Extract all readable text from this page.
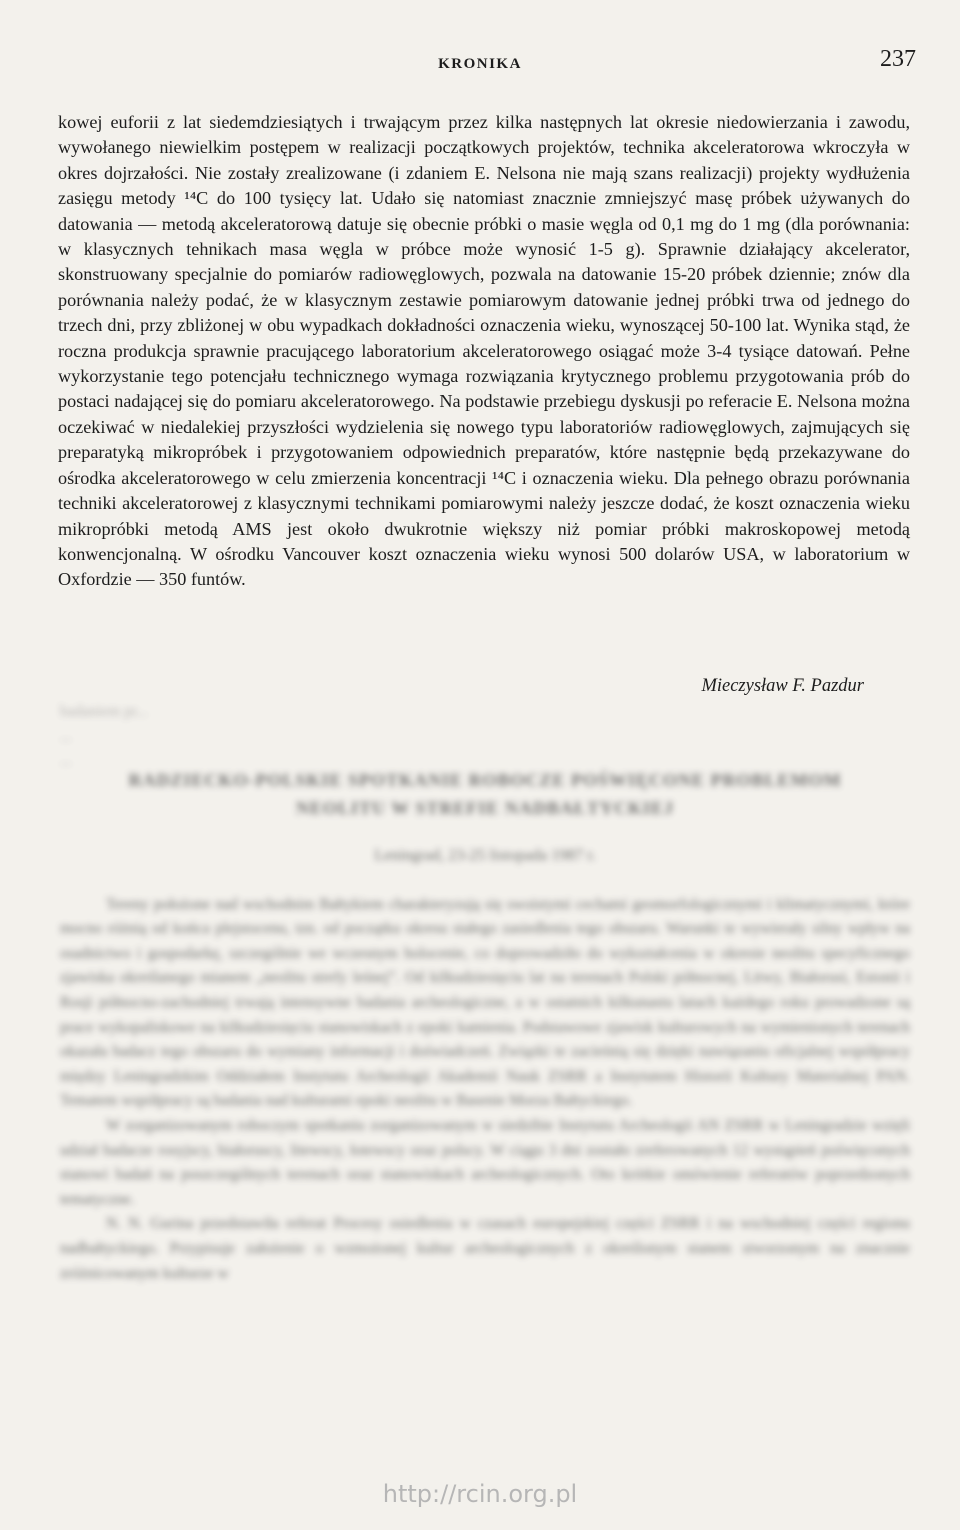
KRONIKA	237

kowej euforii z lat siedemdziesiątych i trwającym przez kilka następnych lat okresie niedowierzania i zawodu, wywołanego niewielkim postępem w realizacji początkowych projektów, technika akceleratorowa wkroczyła w okres dojrzałości. Nie zostały zrealizowane (i zdaniem E. Nelsona nie mają szans realizacji) projekty wydłużenia zasięgu metody ¹⁴C do 100 tysięcy lat. Udało się natomiast znacznie zmniejszyć masę próbek używanych do datowania — metodą akceleratorową datuje się obecnie próbki o masie węgla od 0,1 mg do 1 mg (dla porównania: w klasycznych tehnikach masa węgla w próbce może wynosić 1-5 g). Sprawnie działający akcelerator, skonstruowany specjalnie do pomiarów radiowęglowych, pozwala na datowanie 15-20 próbek dziennie; znów dla porównania należy podać, że w klasycznym zestawie pomiarowym datowanie jednej próbki trwa od jednego do trzech dni, przy zbliżonej w obu wypadkach dokładności oznaczenia wieku, wynoszącej 50-100 lat. Wynika stąd, że roczna produkcja sprawnie pracującego laboratorium akceleratorowego osiągać może 3-4 tysiące datowań. Pełne wykorzystanie tego potencjału technicznego wymaga rozwiązania krytycznego problemu przygotowania prób do postaci nadającej się do pomiaru akceleratorowego. Na podstawie przebiegu dyskusji po referacie E. Nelsona można oczekiwać w niedalekiej przyszłości wydzielenia się nowego typu laboratoriów radiowęglowych, zajmujących się preparatyką mikropróbek i przygotowaniem odpowiednich preparatów, które następnie będą przekazywane do ośrodka akceleratorowego w celu zmierzenia koncentracji ¹⁴C i oznaczenia wieku. Dla pełnego obrazu porównania techniki akceleratorowej z klasycznymi technikami pomiarowymi należy jeszcze dodać, że koszt oznaczenia wieku mikropróbki metodą AMS jest około dwukrotnie większy niż pomiar próbki makroskopowej metodą konwencjonalną. W ośrodku Vancouver koszt oznaczenia wieku wynosi 500 dolarów USA, w laboratorium w Oxfordzie — 350 funtów.

Mieczysław F. Pazdur

badaniem pr...

...

...

RADZIECKO-POLSKIE SPOTKANIE ROBOCZE POŚWIĘCONE PROBLEMOM NEOLITU W STREFIE NADBAŁTYCKIEJ
Leningrad, 23-25 listopada 1987 r.

Tereny położone nad wschodnim Bałtykiem charakteryzują się swoistymi cechami geomorfologicznymi i klimatycznymi, które mocno różnią od końca plejstocenu, tzn. od początku okresu stałego zasiedlenia tego obszaru. Warunki te wywierały silny wpływ na osadnictwo i gospodarkę, szczególnie we wczesnym holocenie, co doprowadziło do wykształcenia w okresie neolitu specyficznego zjawiska określanego mianem „neolitu strefy leśnej”. Od kilkudziesięciu lat na terenach Polski północnej, Litwy, Białorusi, Estonii i Rosji północno-zachodniej trwają intensywne badania archeologiczne, a w ostatnich kilkunastu latach każdego roku prowadzone są prace wykopaliskowe na kilkudziesięciu stanowiskach z epoki kamienia. Podstawowe zjawisk kulturowych na wymienionych terenach okazała badacz tego obszaru do wymiany informacji i doświadczeń. Związki te zacieśnią się dzięki nawiązaniu oficjalnej współpracy między Leningradzkim Oddziałem Instytutu Archeologii Akademii Nauk ZSRR a Instytutem Historii Kultury Materialnej PAN. Tematem współpracy są badania nad kulturami epoki neolitu w Basenie Morza Bałtyckiego.

W zorganizowanym roboczym spotkaniu zorganizowanym w siedzibie Instytutu Archeologii AN ZSRR w Leningradzie wzięli udział badacze rosyjscy, białoruscy, litewscy, łotewscy oraz polscy. W ciągu 3 dni zostało zreferowanych 12 wystąpień poświęconych stanowi badań na poszczególnych terenach oraz stanowiskach archeologicznych. Oto krótkie omówienie referatów poprzedzonych tematyczne.

N. N. Gurina przedstawiła referat Procesy osiedlenia w czasach europejskiej części ZSRR i na wschodniej części regionu nadbałtyckiego. Przypisuje założenie o wzmożonej kultur archeologicznych z określonym stanem stworzonym na znacznie zróżnicowanym kulturze w

http://rcin.org.pl
